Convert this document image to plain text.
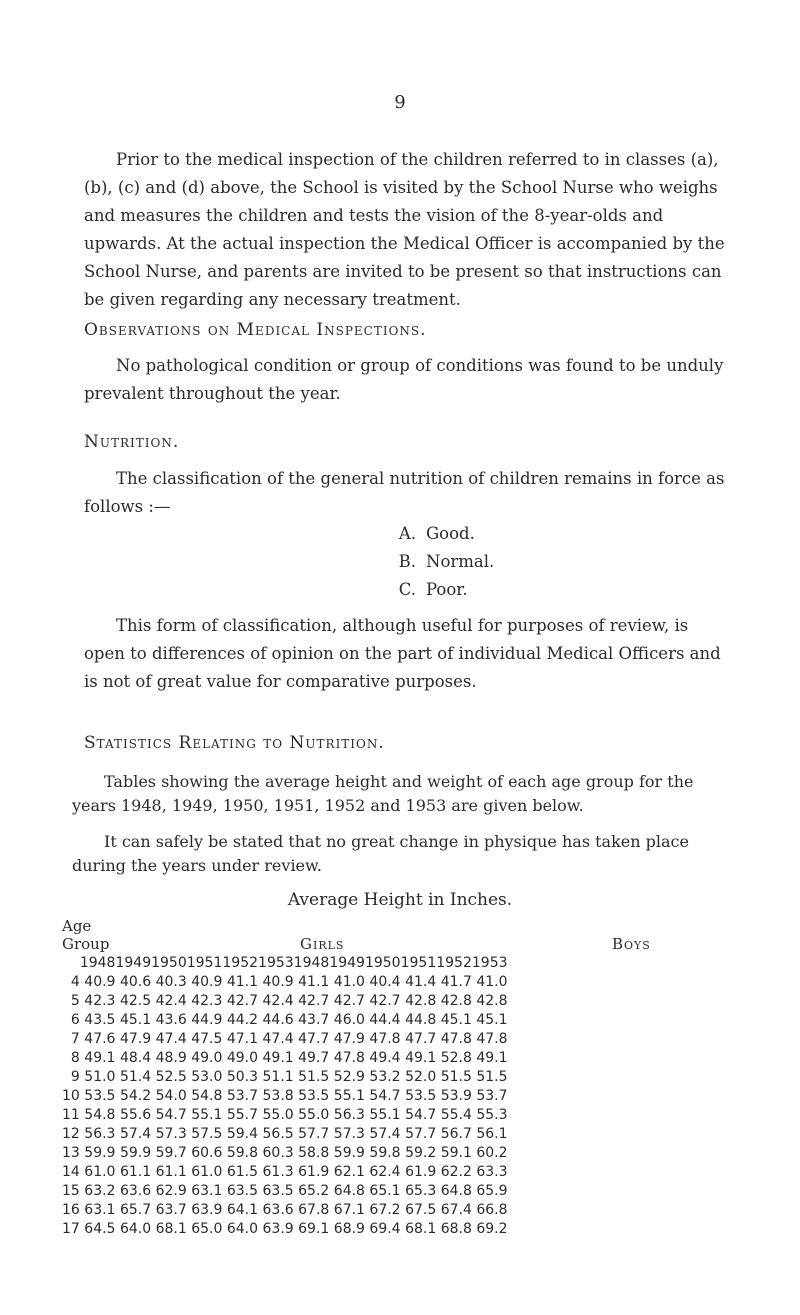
9
Prior to the medical inspection of the children referred to in classes (a), (b), (c) and (d) above, the School is visited by the School Nurse who weighs and measures the children and tests the vision of the 8-year-olds and upwards. At the actual inspection the Medical Officer is accompanied by the School Nurse, and parents are invited to be present so that instructions can be given regarding any necessary treatment.
Observations on Medical Inspections.
No pathological condition or group of conditions was found to be unduly prevalent throughout the year.
Nutrition.
The classification of the general nutrition of children remains in force as follows :—
A. Good.
B. Normal.
C. Poor.
This form of classification, although useful for purposes of review, is open to differences of opinion on the part of individual Medical Officers and is not of great value for comparative purposes.
Statistics Relating to Nutrition.
Tables showing the average height and weight of each age group for the years 1948, 1949, 1950, 1951, 1952 and 1953 are given below.
It can safely be stated that no great change in physique has taken place during the years under review.
Average Height in Inches.
Age
Group	Girls	Boys
	1948	1949	1950	1951	1952	1953		1948	1949	1950	1951	1952	1953
4	40.9	40.6	40.3	40.9	41.1	40.9		41.1	41.0	40.4	41.4	41.7	41.0
5	42.3	42.5	42.4	42.3	42.7	42.4		42.7	42.7	42.7	42.8	42.8	42.8
6	43.5	45.1	43.6	44.9	44.2	44.6		43.7	46.0	44.4	44.8	45.1	45.1
7	47.6	47.9	47.4	47.5	47.1	47.4		47.7	47.9	47.8	47.7	47.8	47.8
8	49.1	48.4	48.9	49.0	49.0	49.1		49.7	47.8	49.4	49.1	52.8	49.1
9	51.0	51.4	52.5	53.0	50.3	51.1		51.5	52.9	53.2	52.0	51.5	51.5
10	53.5	54.2	54.0	54.8	53.7	53.8		53.5	55.1	54.7	53.5	53.9	53.7
11	54.8	55.6	54.7	55.1	55.7	55.0		55.0	56.3	55.1	54.7	55.4	55.3
12	56.3	57.4	57.3	57.5	59.4	56.5		57.7	57.3	57.4	57.7	56.7	56.1
13	59.9	59.9	59.7	60.6	59.8	60.3		58.8	59.9	59.8	59.2	59.1	60.2
14	61.0	61.1	61.1	61.0	61.5	61.3		61.9	62.1	62.4	61.9	62.2	63.3
15	63.2	63.6	62.9	63.1	63.5	63.5		65.2	64.8	65.1	65.3	64.8	65.9
16	63.1	65.7	63.7	63.9	64.1	63.6		67.8	67.1	67.2	67.5	67.4	66.8
17	64.5	64.0	68.1	65.0	64.0	63.9		69.1	68.9	69.4	68.1	68.8	69.2
